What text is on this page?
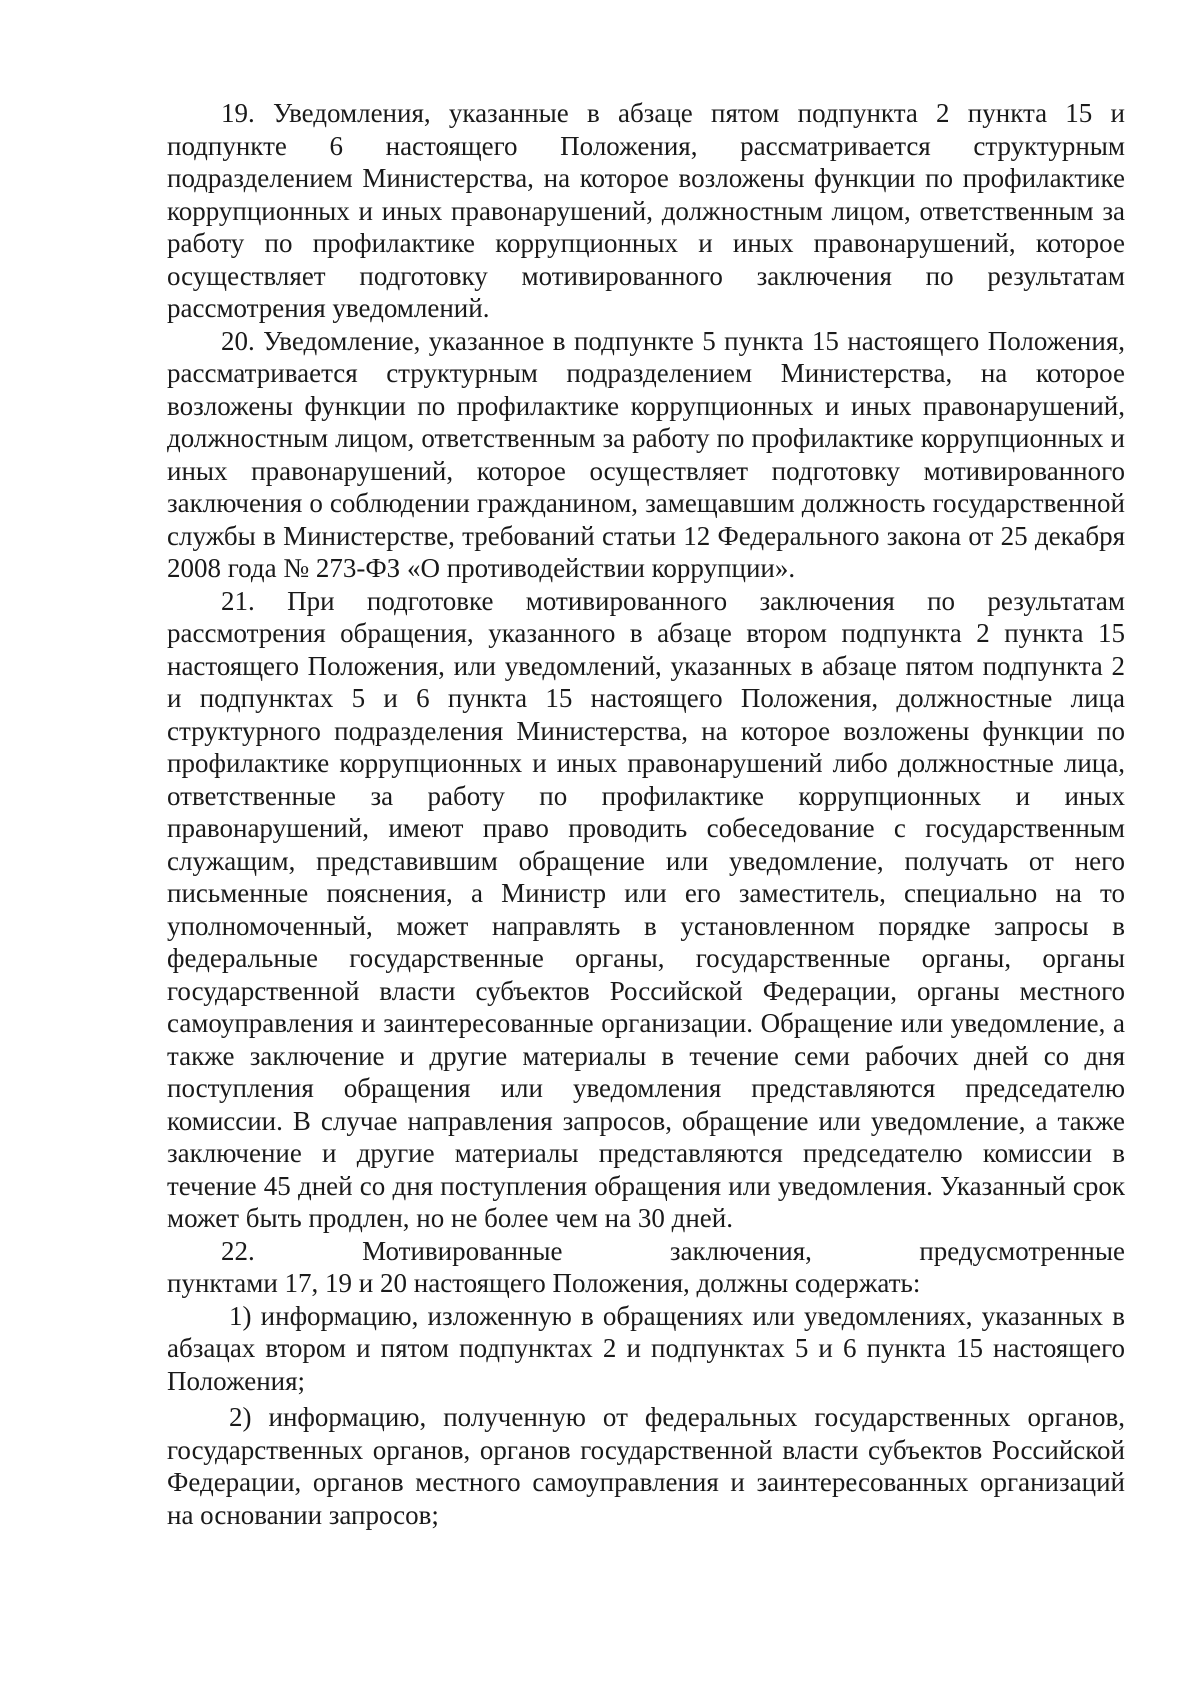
19. Уведомления, указанные в абзаце пятом подпункта 2 пункта 15 и подпункте 6 настоящего Положения, рассматривается структурным подразделением Министерства, на которое возложены функции по профилактике коррупционных и иных правонарушений, должностным лицом, ответственным за работу по профилактике коррупционных и иных правонарушений, которое осуществляет подготовку мотивированного заключения по результатам рассмотрения уведомлений.

20. Уведомление, указанное в подпункте 5 пункта 15 настоящего Положения, рассматривается структурным подразделением Министерства, на которое возложены функции по профилактике коррупционных и иных правонарушений, должностным лицом, ответственным за работу по профилактике коррупционных и иных правонарушений, которое осуществляет подготовку мотивированного заключения о соблюдении гражданином, замещавшим должность государственной службы в Министерстве, требований статьи 12 Федерального закона от 25 декабря 2008 года № 273-ФЗ «О противодействии коррупции».

21. При подготовке мотивированного заключения по результатам рассмотрения обращения, указанного в абзаце втором подпункта 2 пункта 15 настоящего Положения, или уведомлений, указанных в абзаце пятом подпункта 2 и подпунктах 5 и 6 пункта 15 настоящего Положения, должностные лица структурного подразделения Министерства, на которое возложены функции по профилактике коррупционных и иных правонарушений либо должностные лица, ответственные за работу по профилактике коррупционных и иных правонарушений, имеют право проводить собеседование с государственным служащим, представившим обращение или уведомление, получать от него письменные пояснения, а Министр или его заместитель, специально на то уполномоченный, может направлять в установленном порядке запросы в федеральные государственные органы, государственные органы, органы государственной власти субъектов Российской Федерации, органы местного самоуправления и заинтересованные организации. Обращение или уведомление, а также заключение и другие материалы в течение семи рабочих дней со дня поступления обращения или уведомления представляются председателю комиссии. В случае направления запросов, обращение или уведомление, а также заключение и другие материалы представляются председателю комиссии в течение 45 дней со дня поступления обращения или уведомления. Указанный срок может быть продлен, но не более чем на 30 дней.

22. Мотивированные заключения, предусмотренные

пунктами 17, 19 и 20 настоящего Положения, должны содержать:

1) информацию, изложенную в обращениях или уведомлениях, указанных в абзацах втором и пятом подпунктах 2 и подпунктах 5 и 6 пункта 15 настоящего Положения;

2) информацию, полученную от федеральных государственных органов, государственных органов, органов государственной власти субъектов Российской Федерации, органов местного самоуправления и заинтересованных организаций на основании запросов;
